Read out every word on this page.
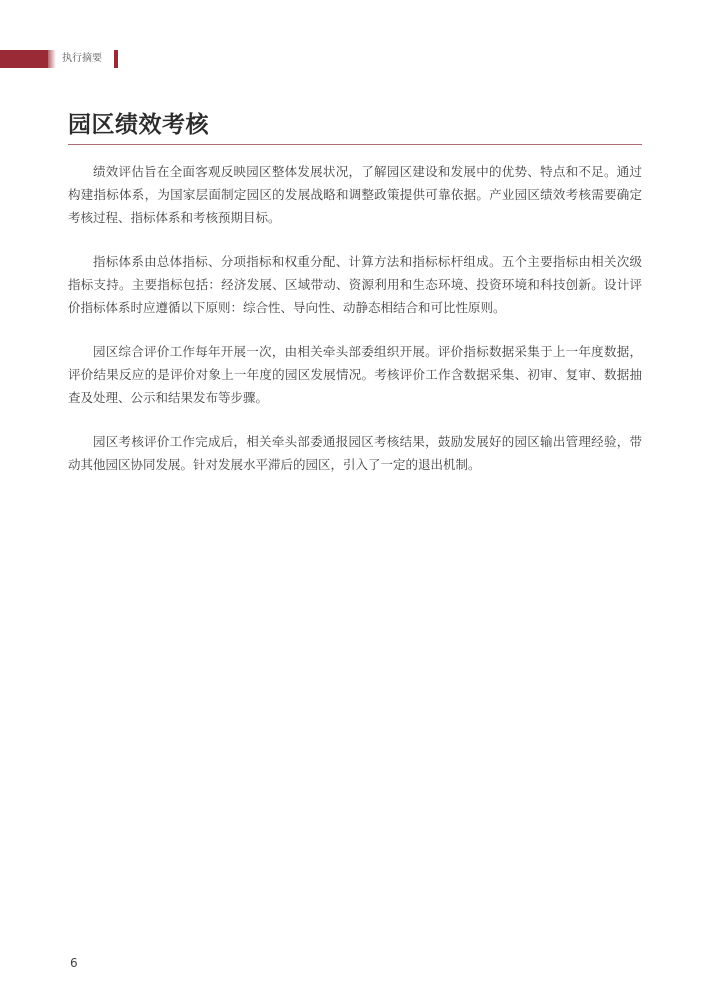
执行摘要
园区绩效考核

绩效评估旨在全面客观反映园区整体发展状况，了解园区建设和发展中的优势、特点和不足。通过构建指标体系，为国家层面制定园区的发展战略和调整政策提供可靠依据。产业园区绩效考核需要确定考核过程、指标体系和考核预期目标。

指标体系由总体指标、分项指标和权重分配、计算方法和指标标杆组成。五个主要指标由相关次级指标支持。主要指标包括：经济发展、区域带动、资源利用和生态环境、投资环境和科技创新。设计评价指标体系时应遵循以下原则：综合性、导向性、动静态相结合和可比性原则。

园区综合评价工作每年开展一次，由相关牵头部委组织开展。评价指标数据采集于上一年度数据，评价结果反应的是评价对象上一年度的园区发展情况。考核评价工作含数据采集、初审、复审、数据抽查及处理、公示和结果发布等步骤。

园区考核评价工作完成后，相关牵头部委通报园区考核结果，鼓励发展好的园区输出管理经验，带动其他园区协同发展。针对发展水平滞后的园区，引入了一定的退出机制。

6
